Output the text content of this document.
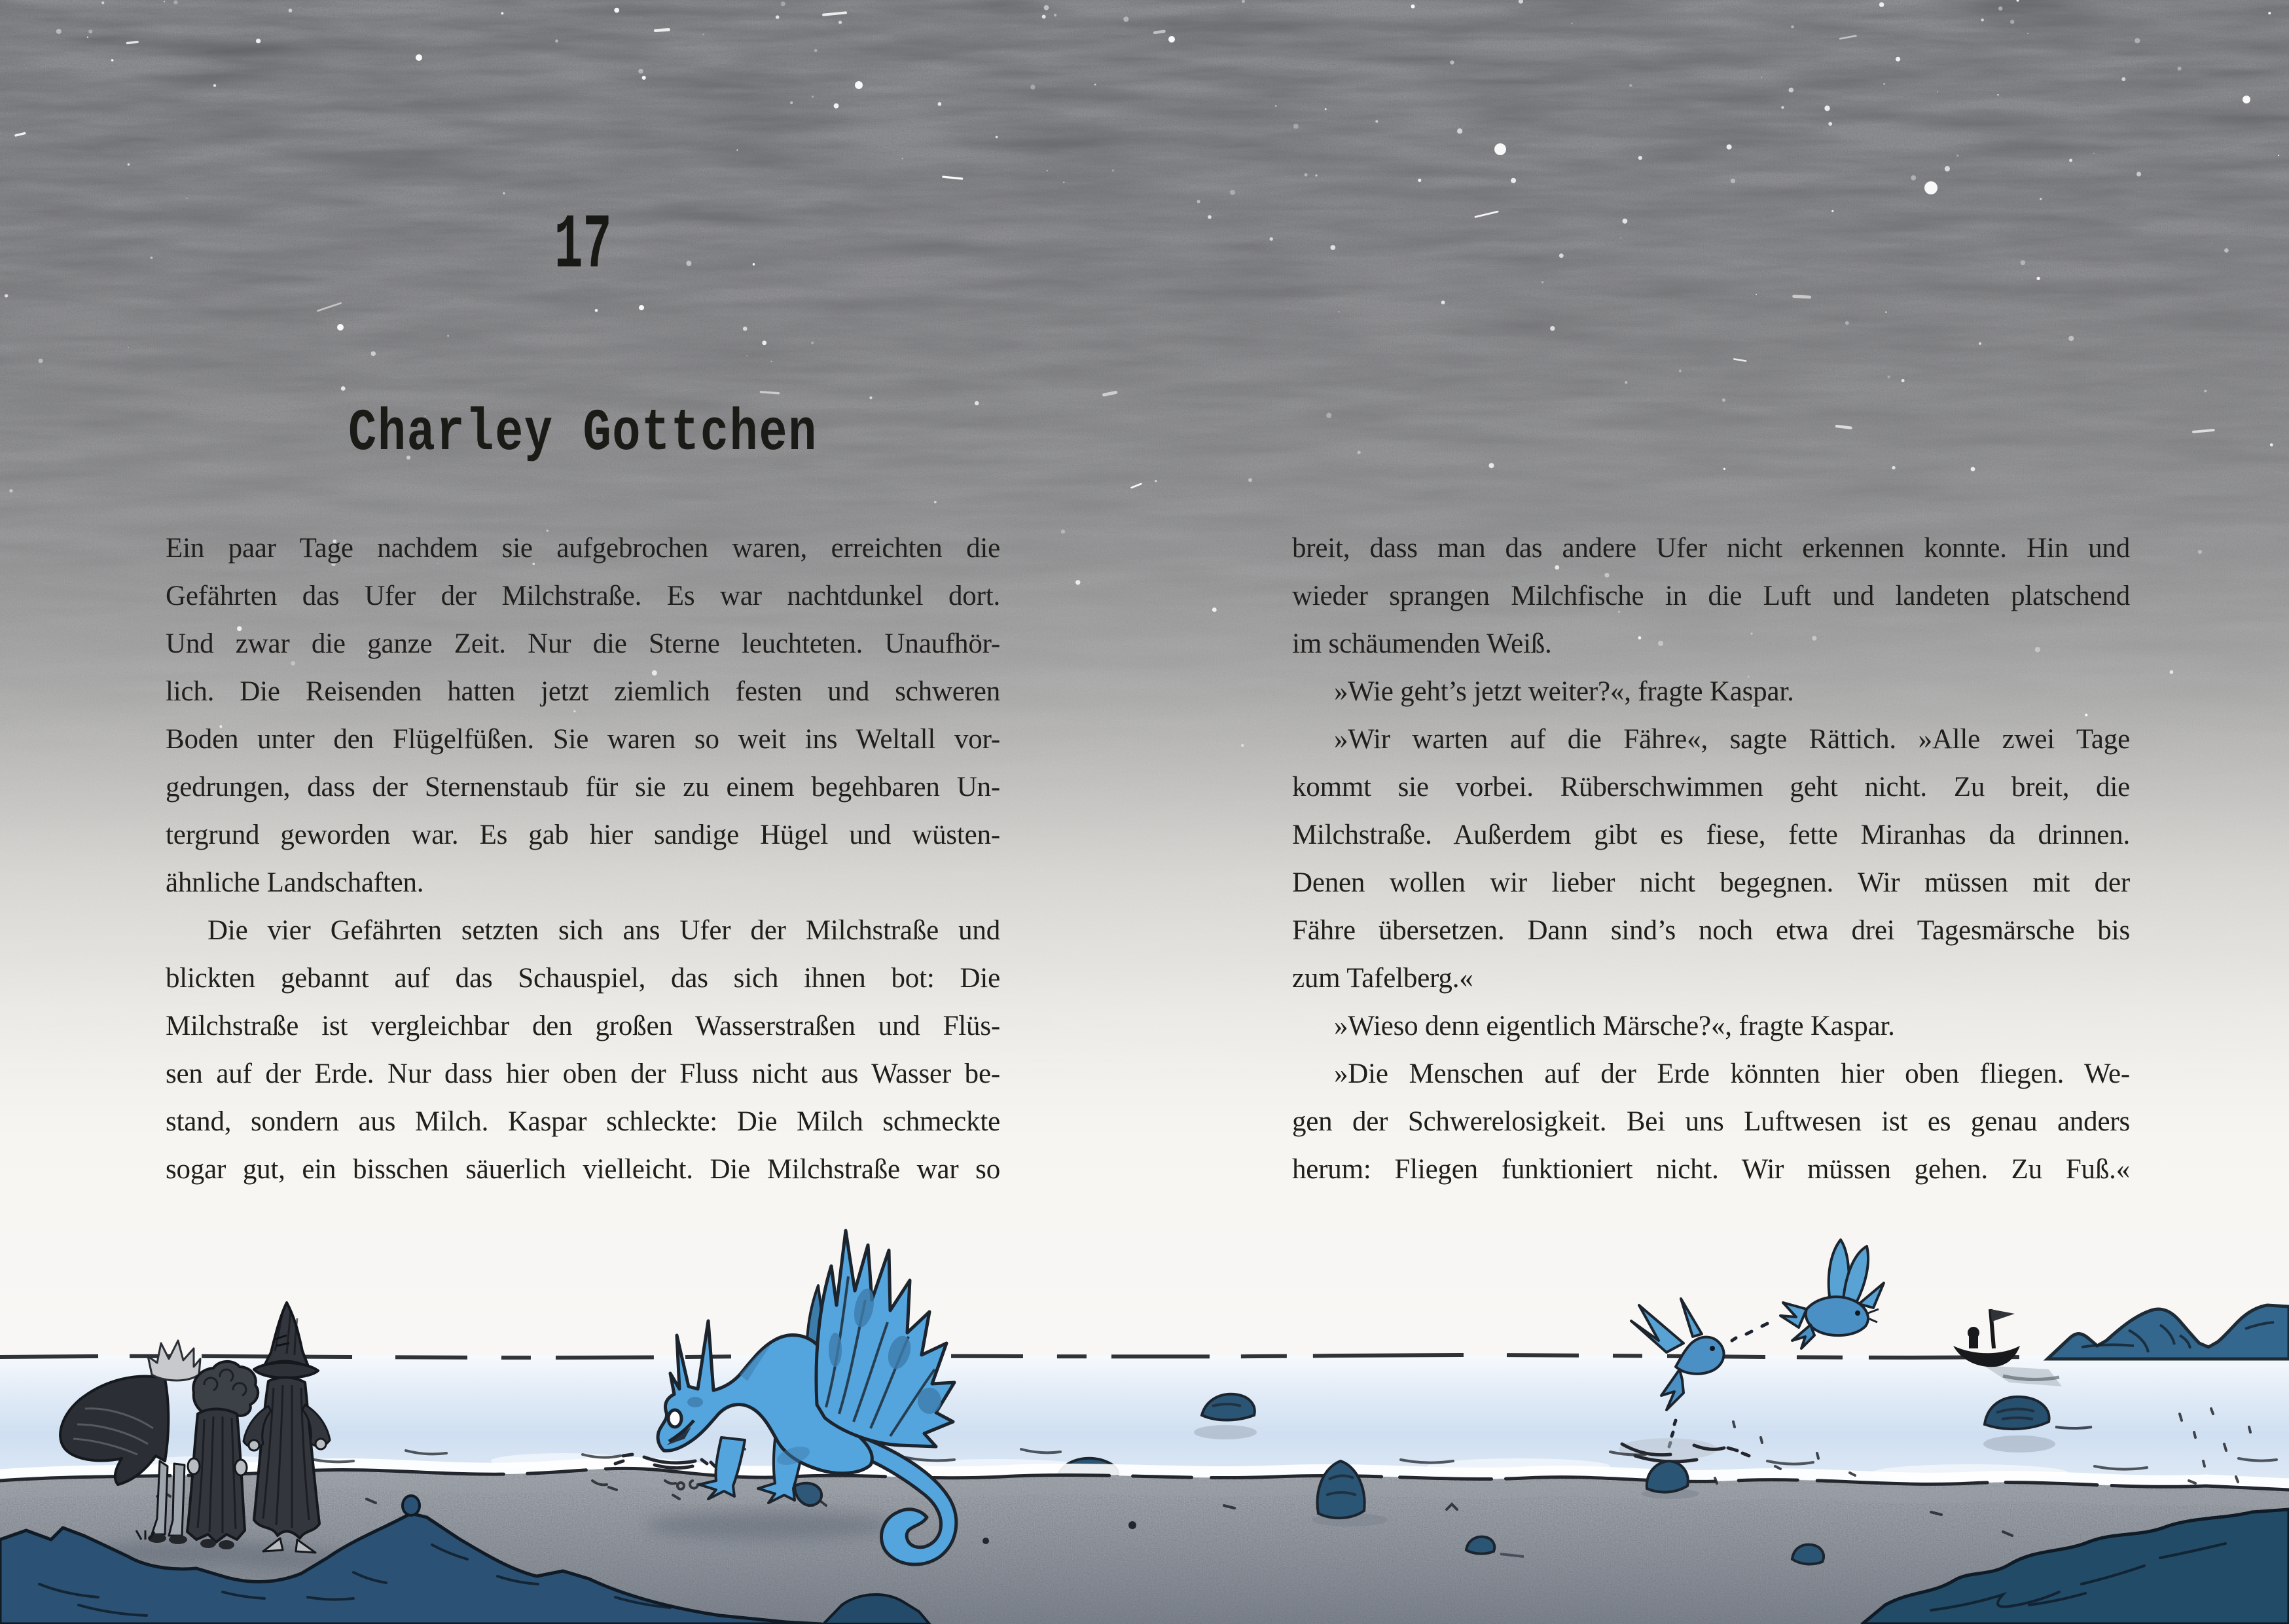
17
Charley Gottchen
Ein paar Tage nachdem sie aufgebrochen waren, erreichten die
Gefährten das Ufer der Milchstraße. Es war nachtdunkel dort.
Und zwar die ganze Zeit. Nur die Sterne leuchteten. Unaufhör-
lich. Die Reisenden hatten jetzt ziemlich festen und schweren
Boden unter den Flügelfüßen. Sie waren so weit ins Weltall vor-
gedrungen, dass der Sternenstaub für sie zu einem begehbaren Un-
tergrund geworden war. Es gab hier sandige Hügel und wüsten-
ähnliche Landschaften.
Die vier Gefährten setzten sich ans Ufer der Milchstraße und
blickten gebannt auf das Schauspiel, das sich ihnen bot: Die
Milchstraße ist vergleichbar den großen Wasserstraßen und Flüs-
sen auf der Erde. Nur dass hier oben der Fluss nicht aus Wasser be-
stand, sondern aus Milch. Kaspar schleckte: Die Milch schmeckte
sogar gut, ein bisschen säuerlich vielleicht. Die Milchstraße war so
breit, dass man das andere Ufer nicht erkennen konnte. Hin und
wieder sprangen Milchfische in die Luft und landeten platschend
im schäumenden Weiß.
»Wie geht’s jetzt weiter?«, fragte Kaspar.
»Wir warten auf die Fähre«, sagte Rättich. »Alle zwei Tage
kommt sie vorbei. Rüberschwimmen geht nicht. Zu breit, die
Milchstraße. Außerdem gibt es fiese, fette Miranhas da drinnen.
Denen wollen wir lieber nicht begegnen. Wir müssen mit der
Fähre übersetzen. Dann sind’s noch etwa drei Tagesmärsche bis
zum Tafelberg.«
»Wieso denn eigentlich Märsche?«, fragte Kaspar.
»Die Menschen auf der Erde könnten hier oben fliegen. We-
gen der Schwerelosigkeit. Bei uns Luftwesen ist es genau anders
herum: Fliegen funktioniert nicht. Wir müssen gehen. Zu Fuß.«
